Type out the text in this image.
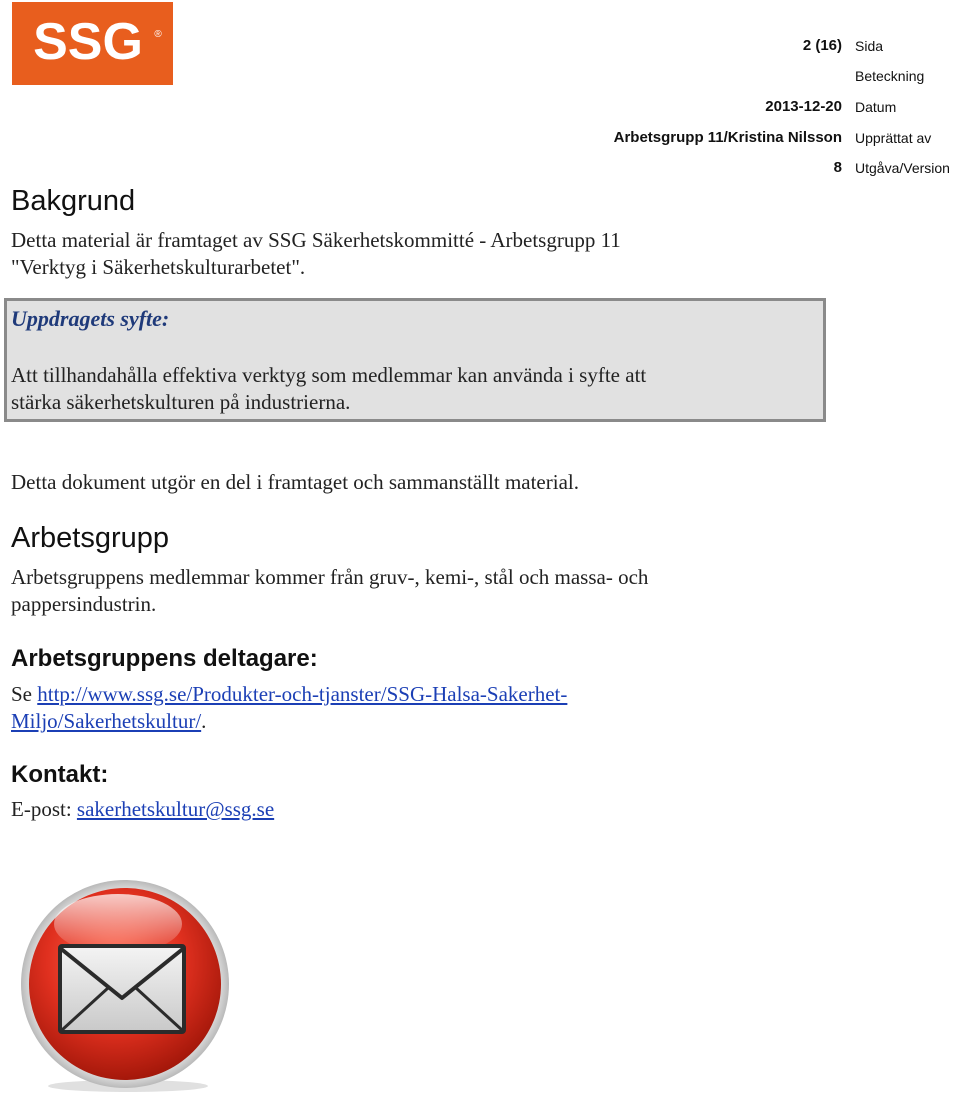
SSG ®
2 (16) Sida
Beteckning
2013-12-20 Datum
Arbetsgrupp 11/Kristina Nilsson Upprättat av
8 Utgåva/Version
Bakgrund
Detta material är framtaget av SSG Säkerhetskommitté - Arbetsgrupp 11
"Verktyg i Säkerhetskulturarbetet".
Uppdragets syfte:
Att tillhandahålla effektiva verktyg som medlemmar kan använda i syfte att
stärka säkerhetskulturen på industrierna.
Detta dokument utgör en del i framtaget och sammanställt material.
Arbetsgrupp
Arbetsgruppens medlemmar kommer från gruv-, kemi-, stål och massa- och
pappersindustrin.
Arbetsgruppens deltagare:
Se http://www.ssg.se/Produkter-och-tjanster/SSG-Halsa-Sakerhet-
Miljo/Sakerhetskultur/.
Kontakt:
E-post: sakerhetskultur@ssg.se
